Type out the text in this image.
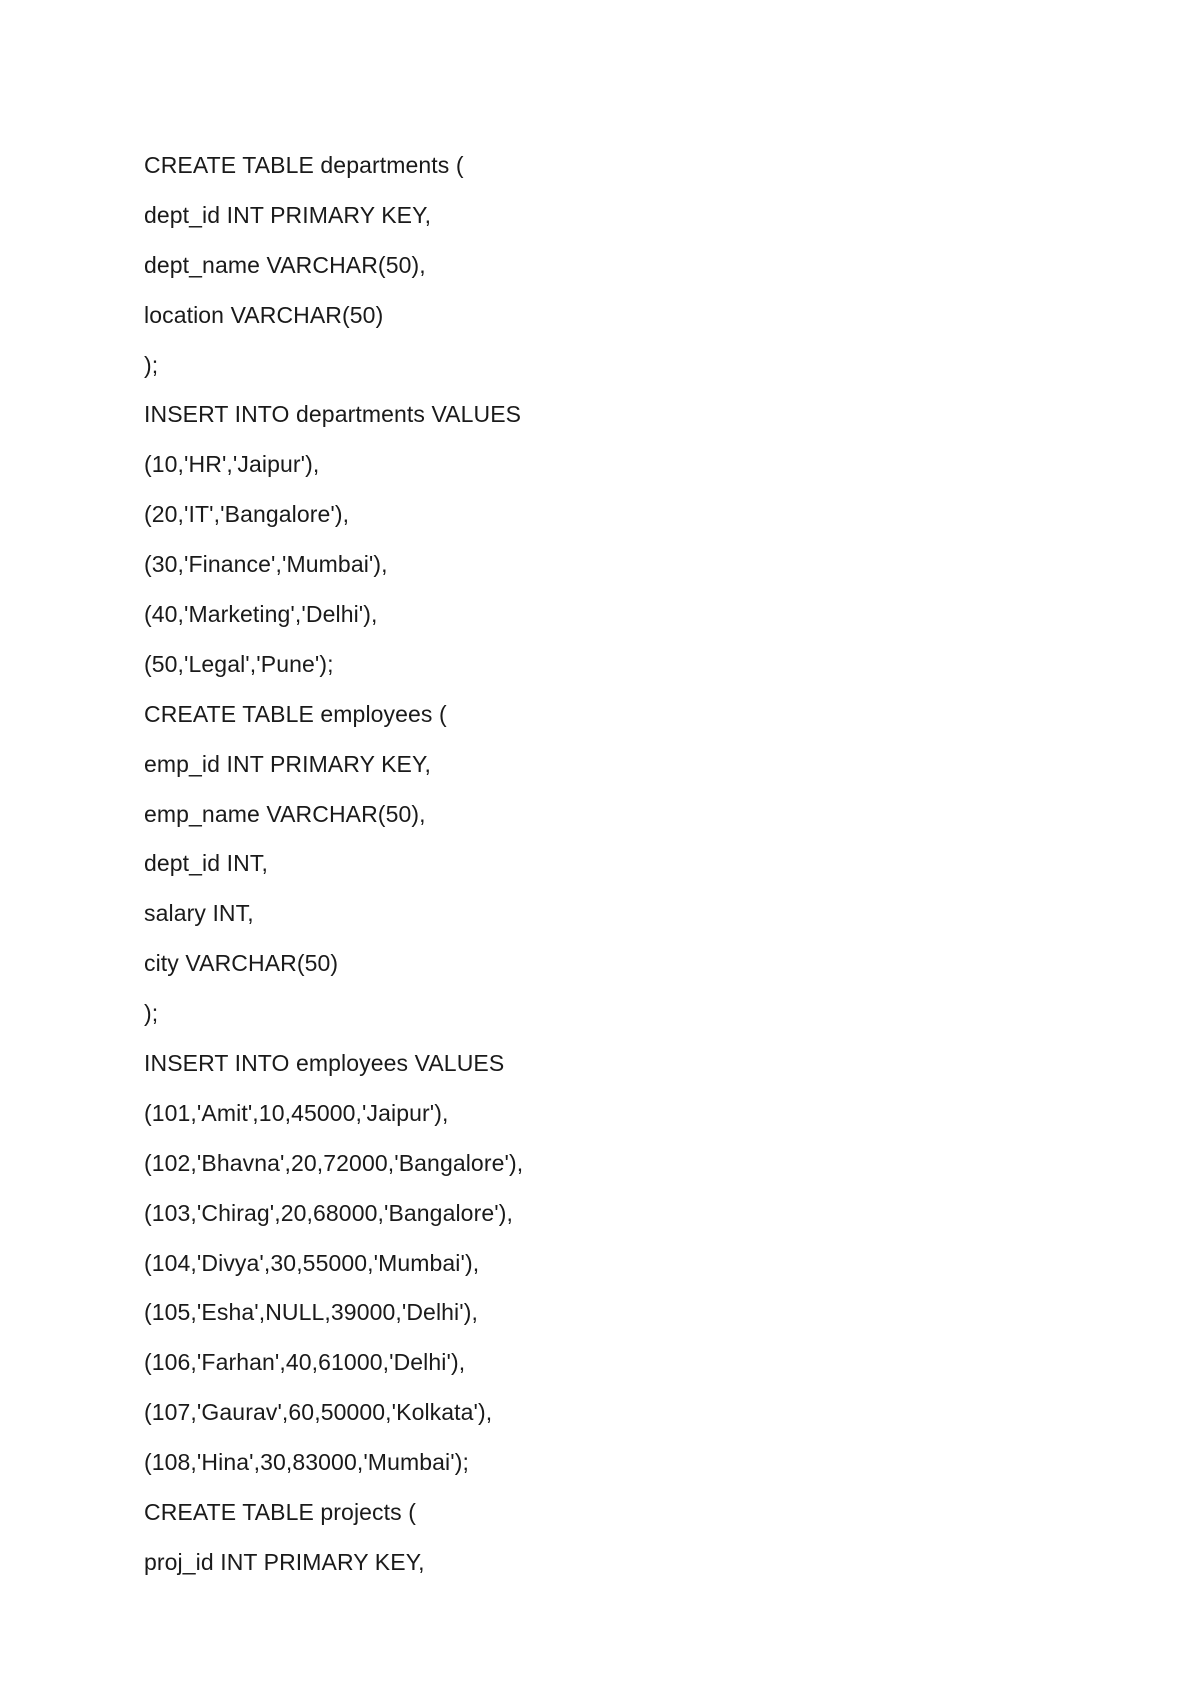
CREATE TABLE departments (
dept_id INT PRIMARY KEY,
dept_name VARCHAR(50),
location VARCHAR(50)
);
INSERT INTO departments VALUES
(10,'HR','Jaipur'),
(20,'IT','Bangalore'),
(30,'Finance','Mumbai'),
(40,'Marketing','Delhi'),
(50,'Legal','Pune');
CREATE TABLE employees (
emp_id INT PRIMARY KEY,
emp_name VARCHAR(50),
dept_id INT,
salary INT,
city VARCHAR(50)
);
INSERT INTO employees VALUES
(101,'Amit',10,45000,'Jaipur'),
(102,'Bhavna',20,72000,'Bangalore'),
(103,'Chirag',20,68000,'Bangalore'),
(104,'Divya',30,55000,'Mumbai'),
(105,'Esha',NULL,39000,'Delhi'),
(106,'Farhan',40,61000,'Delhi'),
(107,'Gaurav',60,50000,'Kolkata'),
(108,'Hina',30,83000,'Mumbai');
CREATE TABLE projects (
proj_id INT PRIMARY KEY,
